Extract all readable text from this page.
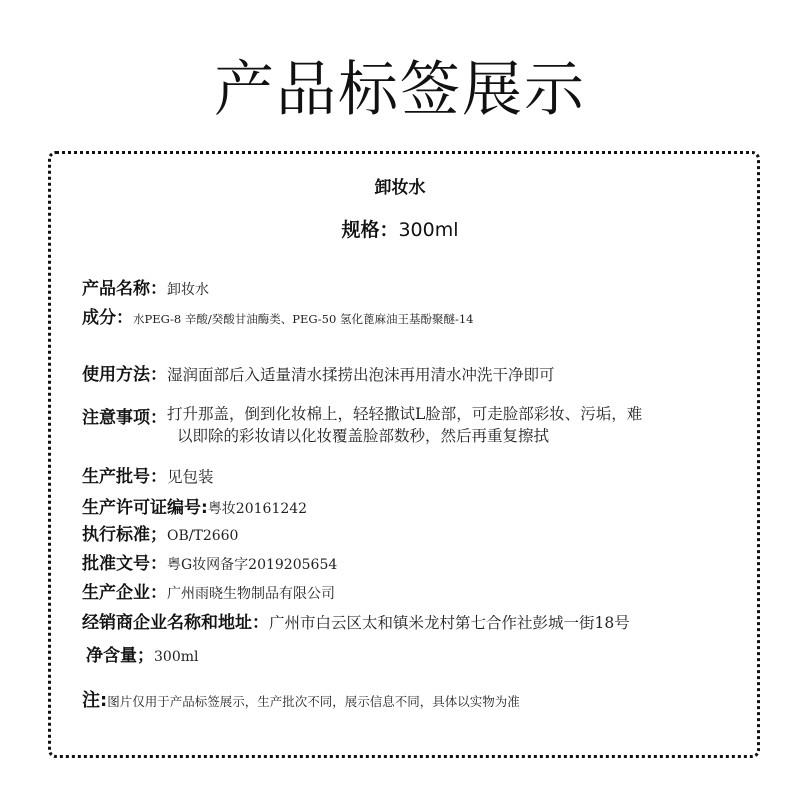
产品标签展示
卸妆水
规格：300ml
产品名称：卸妆水
成分：水PEG-8 辛酸/癸酸甘油酶类、PEG-50 氢化蓖麻油王基酚聚醚-14
使用方法：湿润面部后入适量清水揉捞出泡沫再用清水冲洗干净即可
注意事项：打升那盖，倒到化妆棉上，轻轻撒试L脸部，可走脸部彩妆、污垢，难
以即除的彩妆请以化妆覆盖脸部数秒，然后再重复擦拭
生产批号：见包装
生产许可证编号:粤妆20161242
执行标准；OB/T2660
批准文号：粤G妆网备字2019205654
生产企业：广州雨晓生物制品有限公司
经销商企业名称和地址：广州市白云区太和镇米龙村第七合作社彭城一街18号
净含量；300ml
注:图片仅用于产品标签展示，生产批次不同，展示信息不同，具体以实物为准
